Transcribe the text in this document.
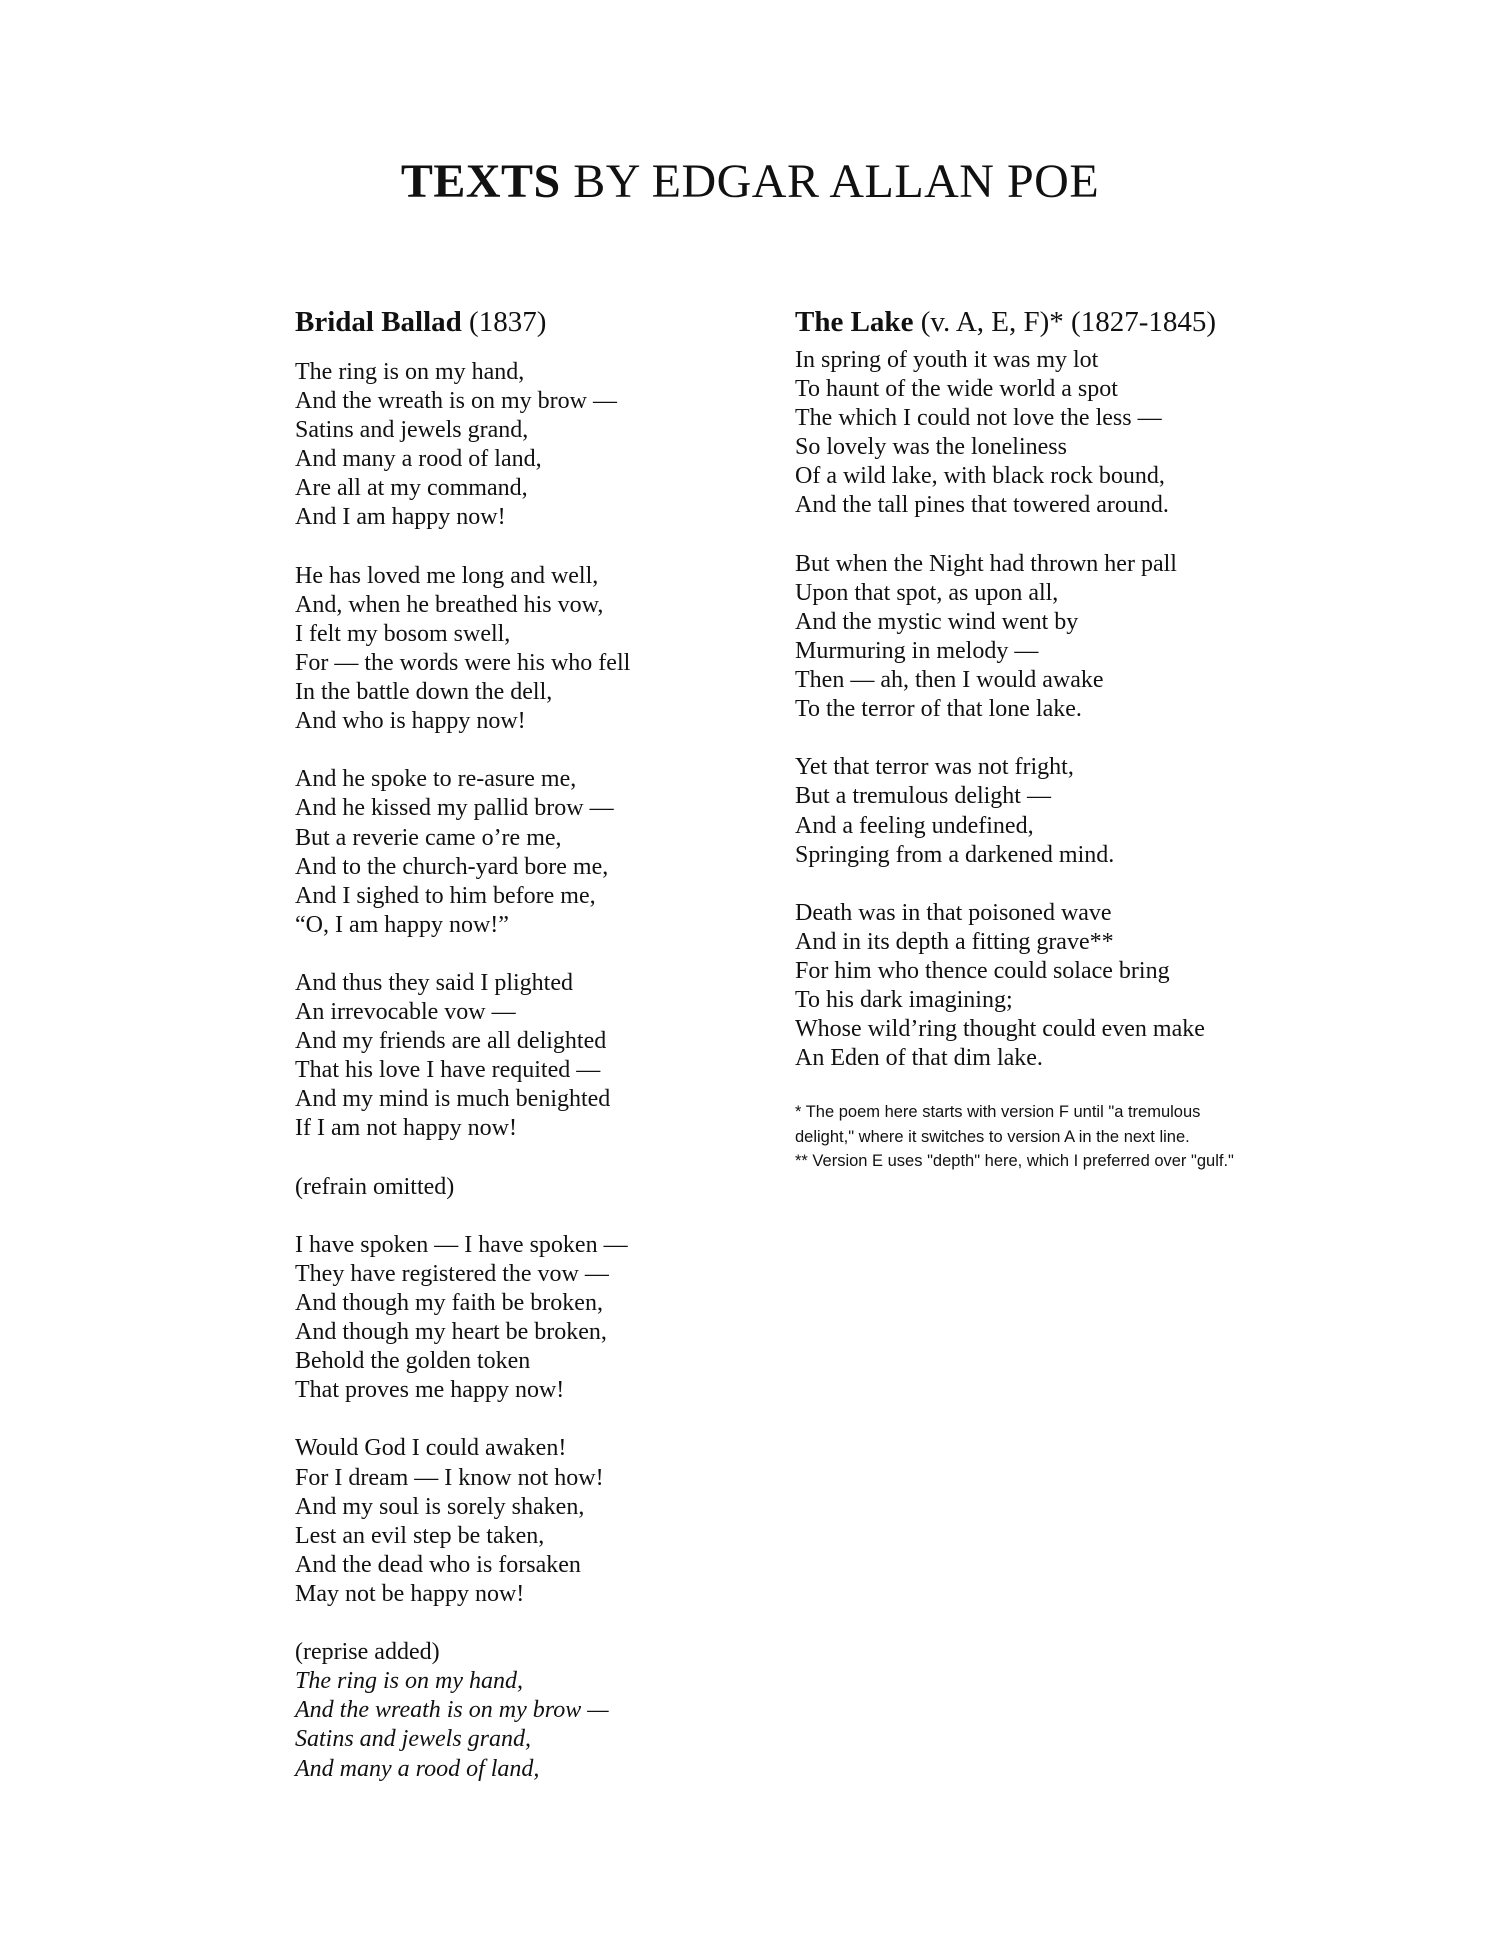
TEXTS BY EDGAR ALLAN POE
Bridal Ballad (1837)
The ring is on my hand,
And the wreath is on my brow —
Satins and jewels grand,
And many a rood of land,
Are all at my command,
And I am happy now!
He has loved me long and well,
And, when he breathed his vow,
I felt my bosom swell,
For — the words were his who fell
In the battle down the dell,
And who is happy now!
And he spoke to re-asure me,
And he kissed my pallid brow —
But a reverie came o’re me,
And to the church-yard bore me,
And I sighed to him before me,
“O, I am happy now!”
And thus they said I plighted
An irrevocable vow —
And my friends are all delighted
That his love I have requited —
And my mind is much benighted
If I am not happy now!
(refrain omitted)
I have spoken — I have spoken —
They have registered the vow —
And though my faith be broken,
And though my heart be broken,
Behold the golden token
That proves me happy now!
Would God I could awaken!
For I dream — I know not how!
And my soul is sorely shaken,
Lest an evil step be taken,
And the dead who is forsaken
May not be happy now!
(reprise added)
The ring is on my hand,
And the wreath is on my brow —
Satins and jewels grand,
And many a rood of land,
The Lake (v. A, E, F)* (1827-1845)
In spring of youth it was my lot
To haunt of the wide world a spot
The which I could not love the less —
So lovely was the loneliness
Of a wild lake, with black rock bound,
And the tall pines that towered around.
But when the Night had thrown her pall
Upon that spot, as upon all,
And the mystic wind went by
Murmuring in melody —
Then — ah, then I would awake
To the terror of that lone lake.
Yet that terror was not fright,
But a tremulous delight —
And a feeling undefined,
Springing from a darkened mind.
Death was in that poisoned wave
And in its depth a fitting grave**
For him who thence could solace bring
To his dark imagining;
Whose wild’ring thought could even make
An Eden of that dim lake.
* The poem here starts with version F until "a tremulous
delight," where it switches to version A in the next line.
** Version E uses "depth" here, which I preferred over "gulf."
